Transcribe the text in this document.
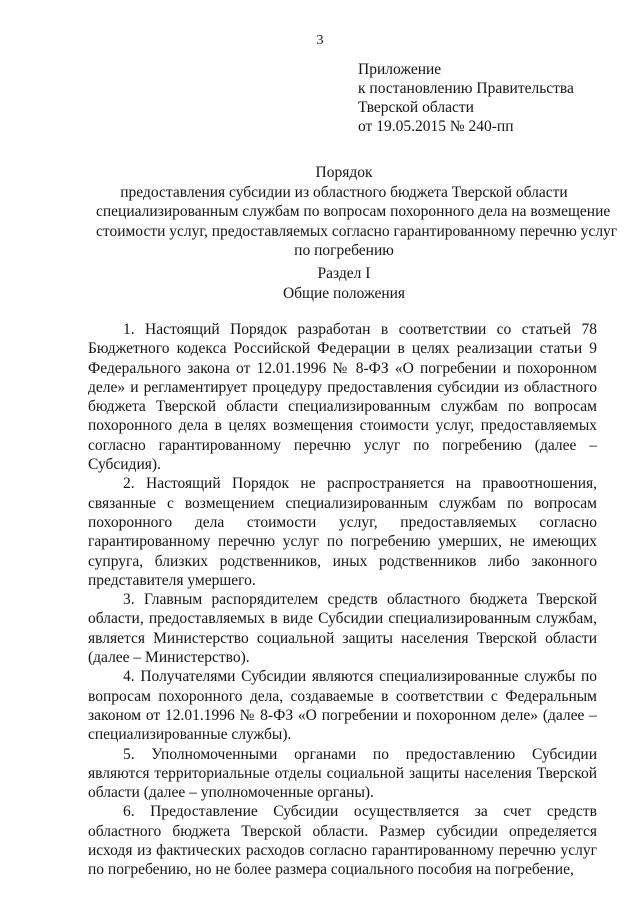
3
Приложение
к постановлению Правительства
Тверской области
от 19.05.2015 № 240-пп
Порядок
предоставления субсидии из областного бюджета Тверской области
специализированным службам по вопросам похоронного дела на возмещение
стоимости услуг, предоставляемых согласно гарантированному перечню услуг
по погребению
Раздел I
Общие положения

1. Настоящий Порядок разработан в соответствии со статьей 78 Бюджетного кодекса Российской Федерации в целях реализации статьи 9 Федерального закона от 12.01.1996 № 8-ФЗ «О погребении и похоронном деле» и регламентирует процедуру предоставления субсидии из областного бюджета Тверской области специализированным службам по вопросам похоронного дела в целях возмещения стоимости услуг, предоставляемых согласно гарантированному перечню услуг по погребению (далее – Субсидия).

2. Настоящий Порядок не распространяется на правоотношения, связанные с возмещением специализированным службам по вопросам похоронного дела стоимости услуг, предоставляемых согласно гарантированному перечню услуг по погребению умерших, не имеющих супруга, близких родственников, иных родственников либо законного представителя умершего.

3. Главным распорядителем средств областного бюджета Тверской области, предоставляемых в виде Субсидии специализированным службам, является Министерство социальной защиты населения Тверской области (далее – Министерство).

4. Получателями Субсидии являются специализированные службы по вопросам похоронного дела, создаваемые в соответствии с Федеральным законом от 12.01.1996 № 8-ФЗ «О погребении и похоронном деле» (далее – специализированные службы).

5. Уполномоченными органами по предоставлению Субсидии являются территориальные отделы социальной защиты населения Тверской области (далее – уполномоченные органы).

6. Предоставление Субсидии осуществляется за счет средств областного бюджета Тверской области. Размер субсидии определяется исходя из фактических расходов согласно гарантированному перечню услуг по погребению, но не более размера социального пособия на погребение,
